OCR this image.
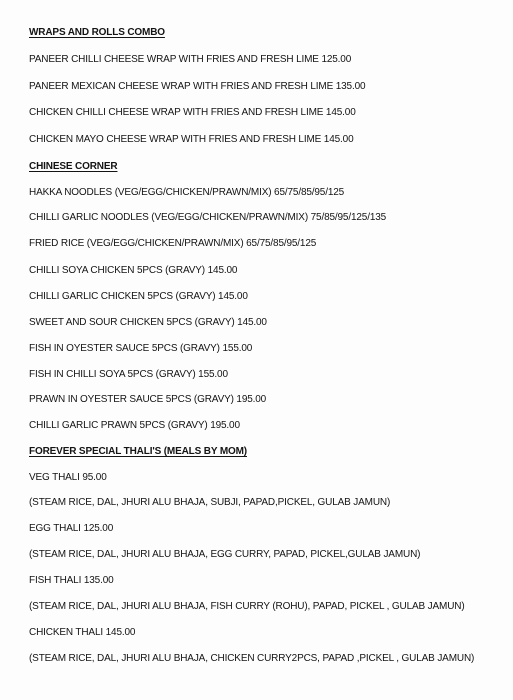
WRAPS AND ROLLS COMBO
PANEER CHILLI CHEESE WRAP WITH FRIES AND FRESH LIME 125.00
PANEER MEXICAN CHEESE WRAP WITH FRIES AND FRESH LIME 135.00
CHICKEN CHILLI CHEESE WRAP WITH FRIES AND FRESH LIME 145.00
CHICKEN MAYO CHEESE WRAP WITH FRIES AND FRESH LIME 145.00
CHINESE CORNER
HAKKA NOODLES (VEG/EGG/CHICKEN/PRAWN/MIX) 65/75/85/95/125
CHILLI GARLIC NOODLES (VEG/EGG/CHICKEN/PRAWN/MIX) 75/85/95/125/135
FRIED RICE (VEG/EGG/CHICKEN/PRAWN/MIX) 65/75/85/95/125
CHILLI SOYA CHICKEN 5PCS (GRAVY) 145.00
CHILLI GARLIC CHICKEN 5PCS (GRAVY) 145.00
SWEET AND SOUR CHICKEN 5PCS (GRAVY) 145.00
FISH IN OYESTER SAUCE 5PCS (GRAVY) 155.00
FISH IN CHILLI SOYA 5PCS (GRAVY) 155.00
PRAWN IN OYESTER SAUCE 5PCS (GRAVY) 195.00
CHILLI GARLIC PRAWN 5PCS (GRAVY) 195.00
FOREVER SPECIAL THALI'S (MEALS BY MOM)
VEG THALI 95.00
(STEAM RICE, DAL, JHURI ALU BHAJA, SUBJI, PAPAD,PICKEL, GULAB JAMUN)
EGG THALI 125.00
(STEAM RICE, DAL, JHURI ALU BHAJA, EGG CURRY, PAPAD, PICKEL,GULAB JAMUN)
FISH THALI 135.00
(STEAM RICE, DAL, JHURI ALU BHAJA, FISH CURRY (ROHU), PAPAD, PICKEL , GULAB JAMUN)
CHICKEN THALI 145.00
(STEAM RICE, DAL, JHURI ALU BHAJA, CHICKEN CURRY2PCS, PAPAD ,PICKEL , GULAB JAMUN)
